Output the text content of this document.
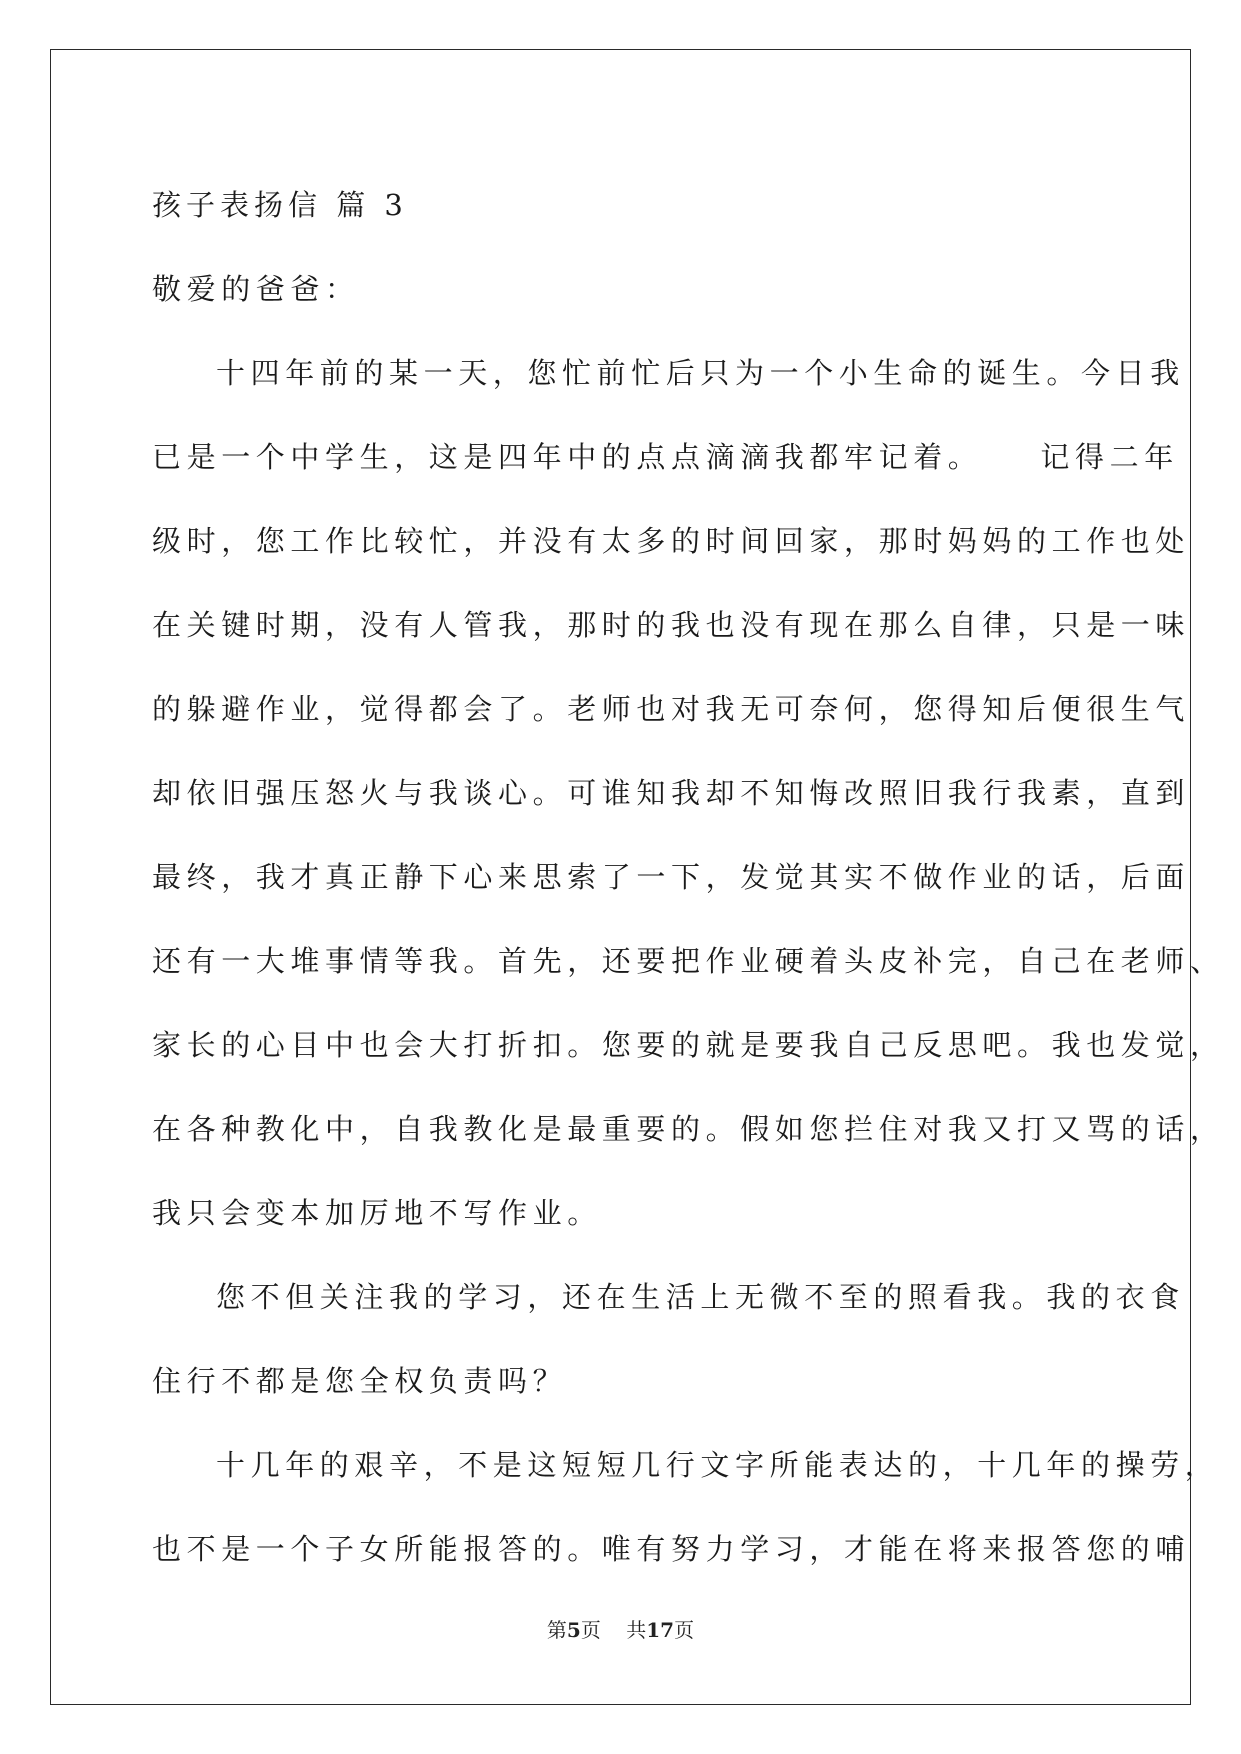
孩子表扬信 篇 3
敬爱的爸爸：
十四年前的某一天，您忙前忙后只为一个小生命的诞生。今日我
已是一个中学生，这是四年中的点点滴滴我都牢记着。 记得二年
级时，您工作比较忙，并没有太多的时间回家，那时妈妈的工作也处
在关键时期，没有人管我，那时的我也没有现在那么自律，只是一味
的躲避作业，觉得都会了。老师也对我无可奈何，您得知后便很生气
却依旧强压怒火与我谈心。可谁知我却不知悔改照旧我行我素，直到
最终，我才真正静下心来思索了一下，发觉其实不做作业的话，后面
还有一大堆事情等我。首先，还要把作业硬着头皮补完，自己在老师、
家长的心目中也会大打折扣。您要的就是要我自己反思吧。我也发觉，
在各种教化中，自我教化是最重要的。假如您拦住对我又打又骂的话，
我只会变本加厉地不写作业。
您不但关注我的学习，还在生活上无微不至的照看我。我的衣食
住行不都是您全权负责吗？
十几年的艰辛，不是这短短几行文字所能表达的，十几年的操劳，
也不是一个子女所能报答的。唯有努力学习，才能在将来报答您的哺
第5页 共17页
